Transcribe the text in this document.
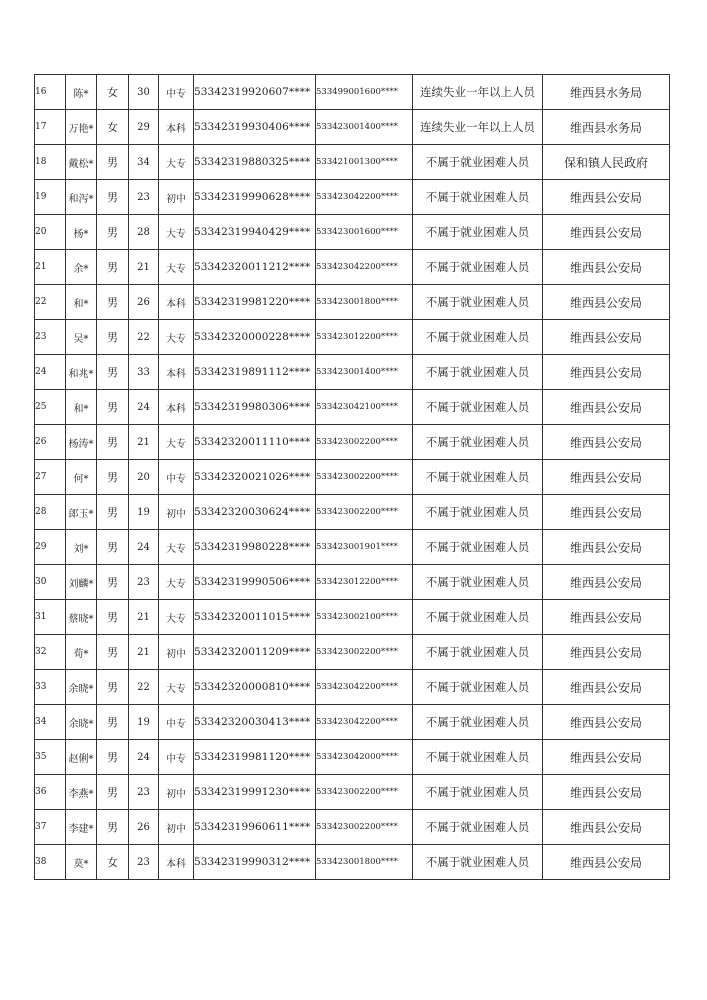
16	陈*	女	30	中专	53342319920607****	533499001600****	连续失业一年以上人员	维西县水务局
17	万艳*	女	29	本科	53342319930406****	533423001400****	连续失业一年以上人员	维西县水务局
18	戴松*	男	34	大专	53342319880325****	533421001300****	不属于就业困难人员	保和镇人民政府
19	和泻*	男	23	初中	53342319990628****	533423042200****	不属于就业困难人员	维西县公安局
20	杨*	男	28	大专	53342319940429****	533423001600****	不属于就业困难人员	维西县公安局
21	余*	男	21	大专	53342320011212****	533423042200****	不属于就业困难人员	维西县公安局
22	和*	男	26	本科	53342319981220****	533423001800****	不属于就业困难人员	维西县公安局
23	吴*	男	22	大专	53342320000228****	533423012200****	不属于就业困难人员	维西县公安局
24	和兆*	男	33	本科	53342319891112****	533423001400****	不属于就业困难人员	维西县公安局
25	和*	男	24	本科	53342319980306****	533423042100****	不属于就业困难人员	维西县公安局
26	杨涛*	男	21	大专	53342320011110****	533423002200****	不属于就业困难人员	维西县公安局
27	何*	男	20	中专	53342320021026****	533423002200****	不属于就业困难人员	维西县公安局
28	郎玉*	男	19	初中	53342320030624****	533423002200****	不属于就业困难人员	维西县公安局
29	刘*	男	24	大专	53342319980228****	533423001901****	不属于就业困难人员	维西县公安局
30	刘麟*	男	23	大专	53342319990506****	533423012200****	不属于就业困难人员	维西县公安局
31	蔡晓*	男	21	大专	53342320011015****	533423002100****	不属于就业困难人员	维西县公安局
32	荀*	男	21	初中	53342320011209****	533423002200****	不属于就业困难人员	维西县公安局
33	余晓*	男	22	大专	53342320000810****	533423042200****	不属于就业困难人员	维西县公安局
34	余晓*	男	19	中专	53342320030413****	533423042200****	不属于就业困难人员	维西县公安局
35	赵俐*	男	24	中专	53342319981120****	533423042000****	不属于就业困难人员	维西县公安局
36	李燕*	男	23	初中	53342319991230****	533423002200****	不属于就业困难人员	维西县公安局
37	李建*	男	26	初中	53342319960611****	533423002200****	不属于就业困难人员	维西县公安局
38	莫*	女	23	本科	53342319990312****	533423001800****	不属于就业困难人员	维西县公安局
